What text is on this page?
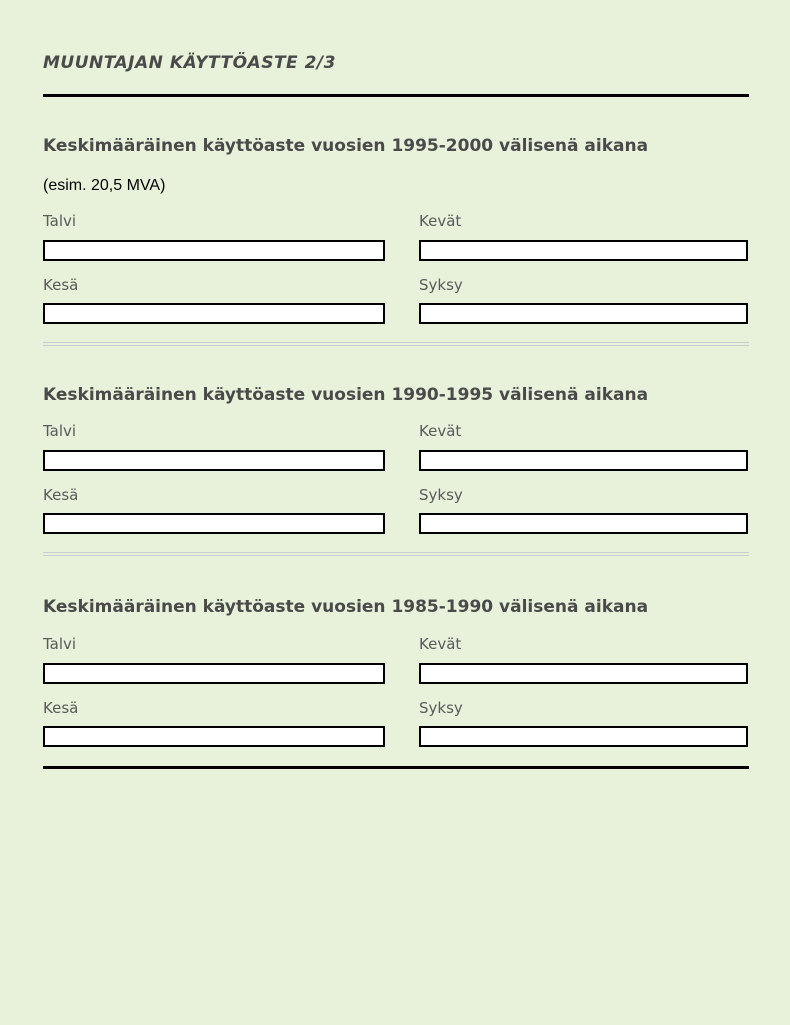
MUUNTAJAN KÄYTTÖASTE 2/3
Keskimääräinen käyttöaste vuosien 1995-2000 välisenä aikana
(esim. 20,5 MVA)
Talvi	Kevät
Kesä	Syksy
Keskimääräinen käyttöaste vuosien 1990-1995 välisenä aikana
Talvi	Kevät
Kesä	Syksy
Keskimääräinen käyttöaste vuosien 1985-1990 välisenä aikana
Talvi	Kevät
Kesä	Syksy
